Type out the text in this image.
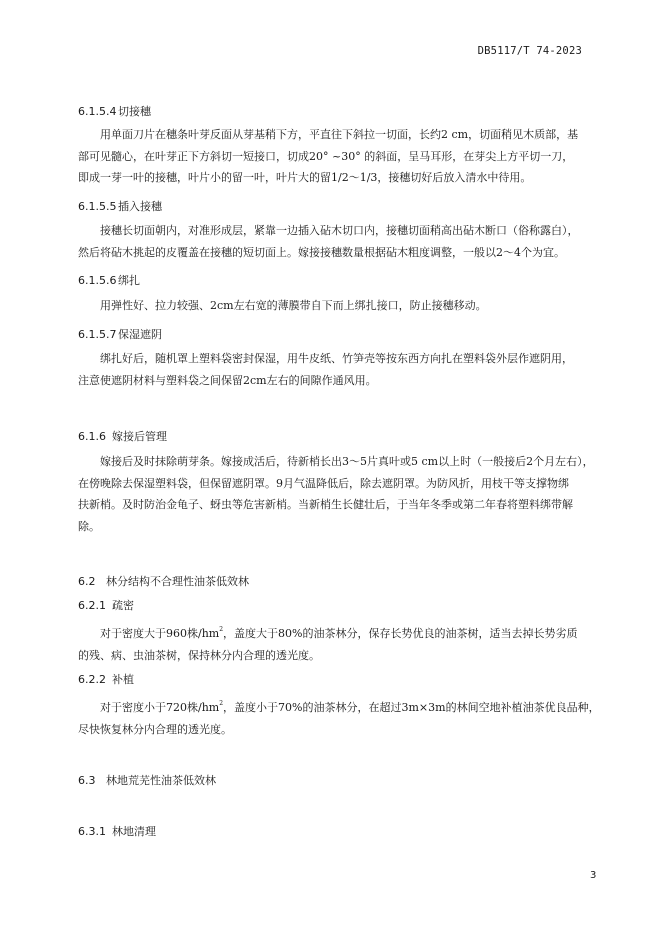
DB5117/T 74-2023
6.1.5.4 切接穗
用单面刀片在穗条叶芽反面从芽基稍下方，平直往下斜拉一切面，长约2 cm，切面稍见木质部，基
部可见髓心，在叶芽正下方斜切一短接口，切成20° ~30° 的斜面，呈马耳形，在芽尖上方平切一刀，
即成一芽一叶的接穗，叶片小的留一叶，叶片大的留1/2～1/3，接穗切好后放入清水中待用。
6.1.5.5 插入接穗
接穗长切面朝内，对准形成层，紧靠一边插入砧木切口内，接穗切面稍高出砧木断口（俗称露白），
然后将砧木挑起的皮覆盖在接穗的短切面上。嫁接接穗数量根据砧木粗度调整，一般以2～4个为宜。
6.1.5.6 绑扎
用弹性好、拉力较强、2cm左右宽的薄膜带自下而上绑扎接口，防止接穗移动。
6.1.5.7 保湿遮阴
绑扎好后，随机罩上塑料袋密封保湿，用牛皮纸、竹笋壳等按东西方向扎在塑料袋外层作遮阴用，
注意使遮阴材料与塑料袋之间保留2cm左右的间隙作通风用。
6.1.6 嫁接后管理
嫁接后及时抹除萌芽条。嫁接成活后，待新梢长出3～5片真叶或5 cm以上时（一般接后2个月左右），
在傍晚除去保湿塑料袋，但保留遮阴罩。9月气温降低后，除去遮阴罩。为防风折，用枝干等支撑物绑
扶新梢。及时防治金龟子、蚜虫等危害新梢。当新梢生长健壮后，于当年冬季或第二年春将塑料绑带解
除。
6.2 林分结构不合理性油茶低效林
6.2.1 疏密
对于密度大于960株$/hm^2$，盖度大于80%的油茶林分，保存长势优良的油茶树，适当去掉长势劣质
的残、病、虫油茶树，保持林分内合理的透光度。
6.2.2 补植
对于密度小于720株$/hm^2$，盖度小于70%的油茶林分，在超过3m×3m的林间空地补植油茶优良品种，
尽快恢复林分内合理的透光度。
6.3 林地荒芜性油茶低效林
6.3.1 林地清理
3
